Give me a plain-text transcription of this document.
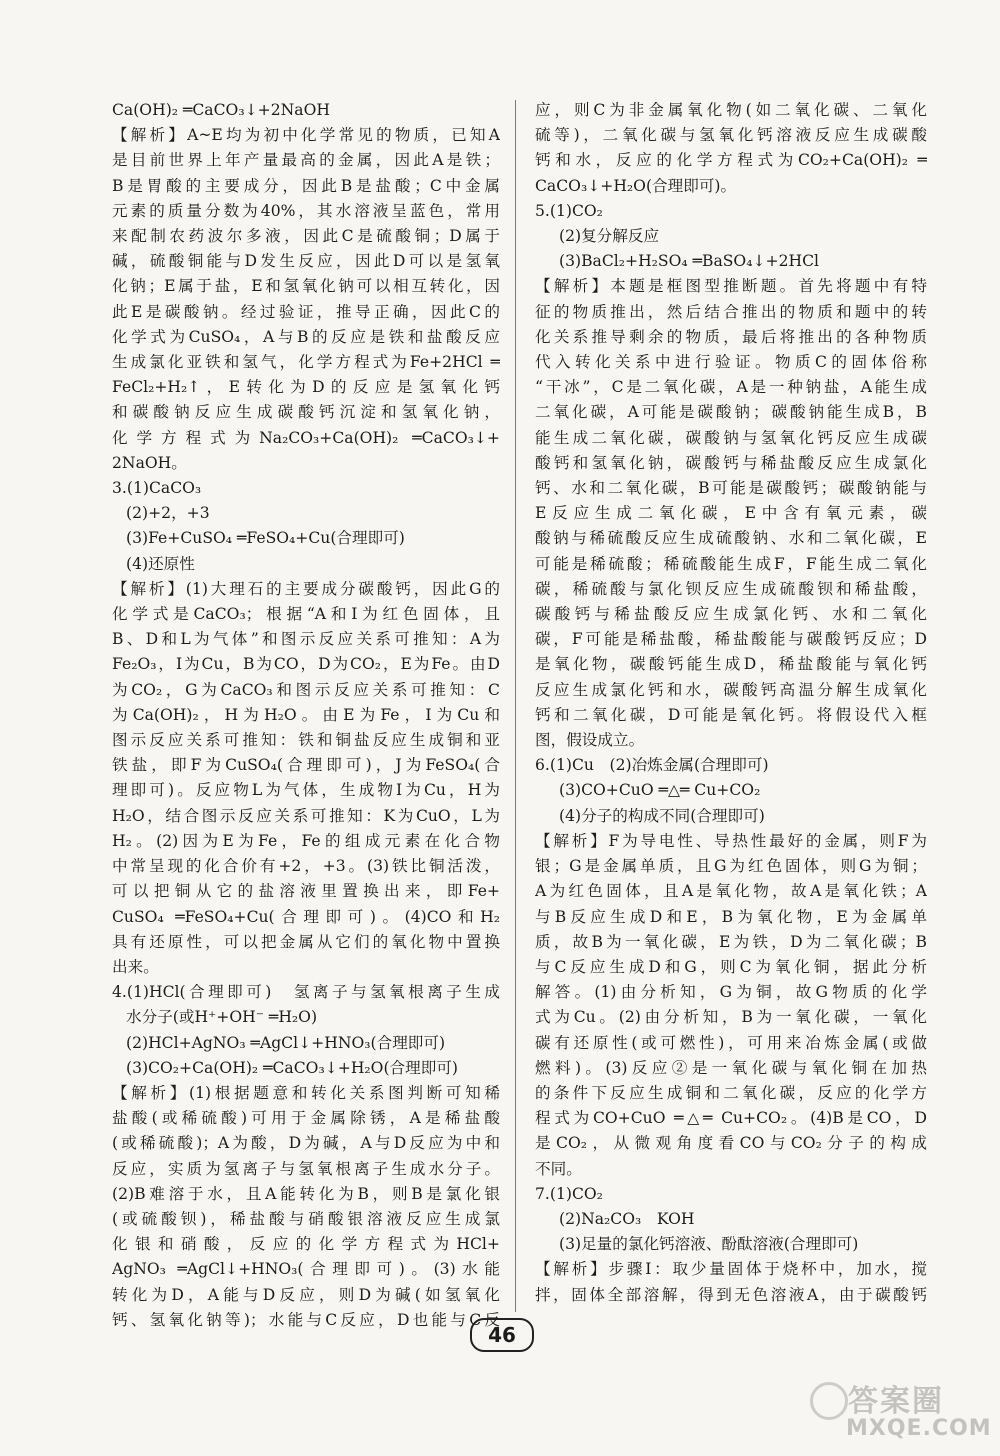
Ca(OH)₂ ═CaCO₃↓+2NaOH
【解析】A~E均为初中化学常见的物质，已知A
是目前世界上年产量最高的金属，因此A是铁；
B是胃酸的主要成分，因此B是盐酸；C中金属
元素的质量分数为40%，其水溶液呈蓝色，常用
来配制农药波尔多液，因此C是硫酸铜；D属于
碱，硫酸铜能与D发生反应，因此D可以是氢氧
化钠；E属于盐，E和氢氧化钠可以相互转化，因
此E是碳酸钠。经过验证，推导正确，因此C的
化学式为CuSO₄，A与B的反应是铁和盐酸反应
生成氯化亚铁和氢气，化学方程式为Fe+2HCl ═
FeCl₂+H₂↑，E转化为D的反应是氢氧化钙
和碳酸钠反应生成碳酸钙沉淀和氢氧化钠，
化学方程式为Na₂CO₃+Ca(OH)₂ ═CaCO₃↓+
2NaOH。
3.(1)CaCO₃
(2)+2，+3
(3)Fe+CuSO₄ ═FeSO₄+Cu(合理即可)
(4)还原性
【解析】(1)大理石的主要成分碳酸钙，因此G的
化学式是CaCO₃；根据“A和I为红色固体，且
B、D和L为气体”和图示反应关系可推知：A为
Fe₂O₃，I为Cu，B为CO，D为CO₂，E为Fe。由D
为CO₂，G为CaCO₃和图示反应关系可推知：C
为Ca(OH)₂，H为H₂O。由E为Fe，I为Cu和
图示反应关系可推知：铁和铜盐反应生成铜和亚
铁盐，即F为CuSO₄(合理即可)，J为FeSO₄(合
理即可)。反应物L为气体，生成物I为Cu，H为
H₂O，结合图示反应关系可推知：K为CuO，L为
H₂。(2)因为E为Fe，Fe的组成元素在化合物
中常呈现的化合价有+2，+3。(3)铁比铜活泼，
可以把铜从它的盐溶液里置换出来，即Fe+
CuSO₄ ═FeSO₄+Cu(合理即可)。(4)CO和H₂
具有还原性，可以把金属从它们的氧化物中置换
出来。
4.(1)HCl(合理即可)　氢离子与氢氧根离子生成
水分子(或H⁺+OH⁻ ═H₂O)
(2)HCl+AgNO₃ ═AgCl↓+HNO₃(合理即可)
(3)CO₂+Ca(OH)₂ ═CaCO₃↓+H₂O(合理即可)
【解析】(1)根据题意和转化关系图判断可知稀
盐酸(或稀硫酸)可用于金属除锈，A是稀盐酸
(或稀硫酸)；A为酸，D为碱，A与D反应为中和
反应，实质为氢离子与氢氧根离子生成水分子。
(2)B难溶于水，且A能转化为B，则B是氯化银
(或硫酸钡)，稀盐酸与硝酸银溶液反应生成氯
化银和硝酸，反应的化学方程式为HCl+
AgNO₃ ═AgCl↓+HNO₃(合理即可)。(3)水能
转化为D，A能与D反应，则D为碱(如氢氧化
钙、氢氧化钠等)；水能与C反应，D也能与C反
应，则C为非金属氧化物(如二氧化碳、二氧化
硫等)，二氧化碳与氢氧化钙溶液反应生成碳酸
钙和水，反应的化学方程式为CO₂+Ca(OH)₂ ═
CaCO₃↓+H₂O(合理即可)。
5.(1)CO₂
(2)复分解反应
(3)BaCl₂+H₂SO₄ ═BaSO₄↓+2HCl
【解析】本题是框图型推断题。首先将题中有特
征的物质推出，然后结合推出的物质和题中的转
化关系推导剩余的物质，最后将推出的各种物质
代入转化关系中进行验证。物质C的固体俗称
“干冰”，C是二氧化碳，A是一种钠盐，A能生成
二氧化碳，A可能是碳酸钠；碳酸钠能生成B，B
能生成二氧化碳，碳酸钠与氢氧化钙反应生成碳
酸钙和氢氧化钠，碳酸钙与稀盐酸反应生成氯化
钙、水和二氧化碳，B可能是碳酸钙；碳酸钠能与
E反应生成二氧化碳，E中含有氧元素，碳
酸钠与稀硫酸反应生成硫酸钠、水和二氧化碳，E
可能是稀硫酸；稀硫酸能生成F，F能生成二氧化
碳，稀硫酸与氯化钡反应生成硫酸钡和稀盐酸，
碳酸钙与稀盐酸反应生成氯化钙、水和二氧化
碳，F可能是稀盐酸，稀盐酸能与碳酸钙反应；D
是氧化物，碳酸钙能生成D，稀盐酸能与氧化钙
反应生成氯化钙和水，碳酸钙高温分解生成氧化
钙和二氧化碳，D可能是氧化钙。将假设代入框
图，假设成立。
6.(1)Cu　(2)冶炼金属(合理即可)
(3)CO+CuO ═△═ Cu+CO₂
(4)分子的构成不同(合理即可)
【解析】F为导电性、导热性最好的金属，则F为
银；G是金属单质，且G为红色固体，则G为铜；
A为红色固体，且A是氧化物，故A是氧化铁；A
与B反应生成D和E，B为氧化物，E为金属单
质，故B为一氧化碳，E为铁，D为二氧化碳；B
与C反应生成D和G，则C为氧化铜，据此分析
解答。(1)由分析知，G为铜，故G物质的化学
式为Cu。(2)由分析知，B为一氧化碳，一氧化
碳有还原性(或可燃性)，可用来冶炼金属(或做
燃料)。(3)反应②是一氧化碳与氧化铜在加热
的条件下反应生成铜和二氧化碳，反应的化学方
程式为CO+CuO ═△═ Cu+CO₂。(4)B是CO，D
是CO₂，从微观角度看CO与CO₂分子的构成
不同。
7.(1)CO₂
(2)Na₂CO₃　KOH
(3)足量的氯化钙溶液、酚酞溶液(合理即可)
【解析】步骤Ⅰ：取少量固体于烧杯中，加水，搅
拌，固体全部溶解，得到无色溶液A，由于碳酸钙
46
答案圈
MXQE.COM
